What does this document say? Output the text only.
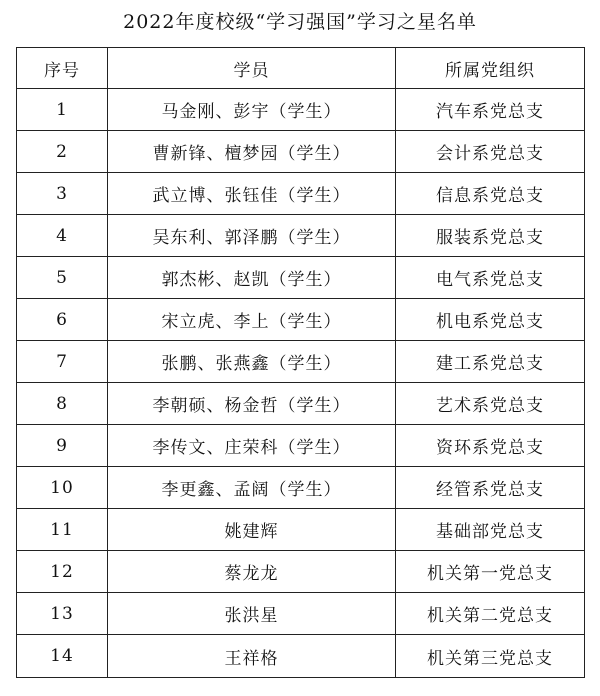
2022年度校级“学习强国”学习之星名单
序号	学员	所属党组织
1	马金刚、彭宇（学生）	汽车系党总支
2	曹新锋、檀梦园（学生）	会计系党总支
3	武立博、张钰佳（学生）	信息系党总支
4	吴东利、郭泽鹏（学生）	服装系党总支
5	郭杰彬、赵凯（学生）	电气系党总支
6	宋立虎、李上（学生）	机电系党总支
7	张鹏、张燕鑫（学生）	建工系党总支
8	李朝硕、杨金哲（学生）	艺术系党总支
9	李传文、庄荣科（学生）	资环系党总支
10	李更鑫、孟阔（学生）	经管系党总支
11	姚建辉	基础部党总支
12	蔡龙龙	机关第一党总支
13	张洪星	机关第二党总支
14	王祥格	机关第三党总支
